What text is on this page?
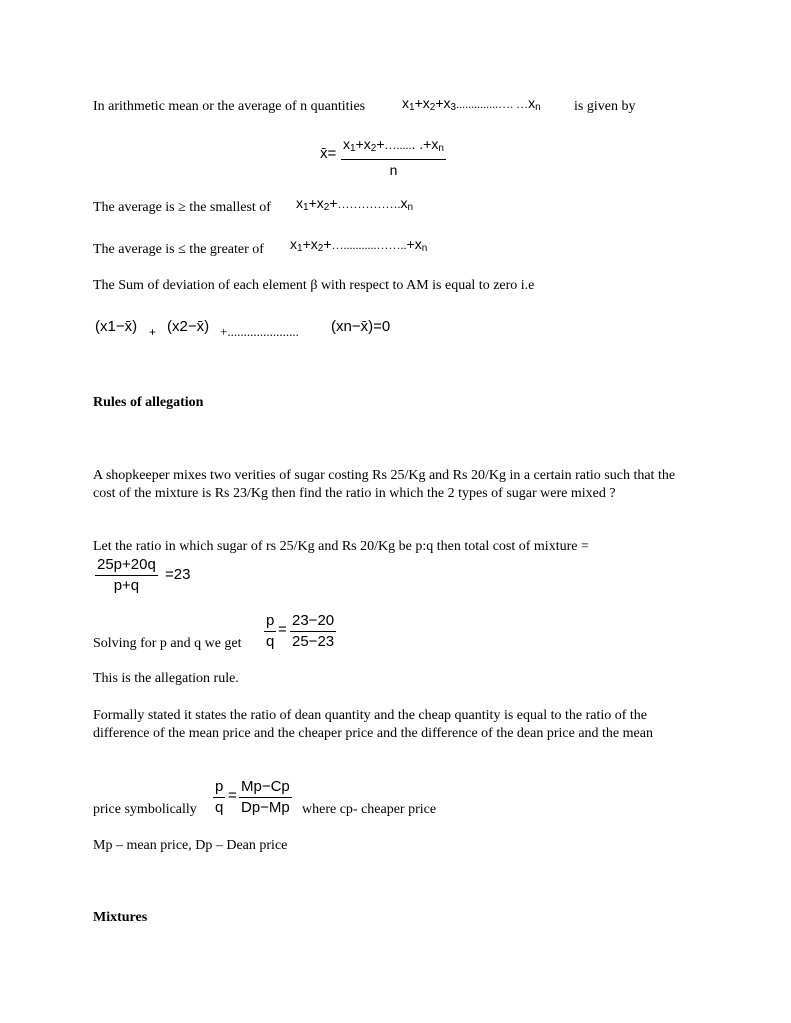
In arithmetic mean or the average of n quantities	$x_1+x_2+x_3..............\dots$. $\dots x_n$ is given by
x̄= $\frac{x_1+x_2+\dots...... .+x_n}{n}$
The average is ≥ the smallest of $x_1+x_2+\dots\dots\dots\dots\dots.x_n$
The average is ≤ the greater of $x_1+x_2+\dots...........\dots\dots..+x_n$
The Sum of deviation of each element β with respect to AM is equal to zero i.e
(x1−x̄) + (x2−x̄) +...................... (xn−x̄)=0
Rules of allegation
A shopkeeper mixes two verities of sugar costing Rs 25/Kg and Rs 20/Kg in a certain ratio such that the cost of the mixture is Rs 23/Kg then find the ratio in which the 2 types of sugar were mixed ?
Let the ratio in which sugar of rs 25/Kg and Rs 20/Kg be p:q then total cost of mixture =
$\frac{25p+20q}{p+q} =23$
Solving for p and q we get $\frac{p}{q} = \frac{23-20}{25-23}$
This is the allegation rule.
Formally stated it states the ratio of dean quantity and the cheap quantity is equal to the ratio of the difference of the mean price and the cheaper price and the difference of the dean price and the mean
price symbolically $\frac{p}{q} = \frac{Mp-Cp}{Dp-Mp}$ where cp- cheaper price
Mp – mean price, Dp – Dean price
Mixtures
